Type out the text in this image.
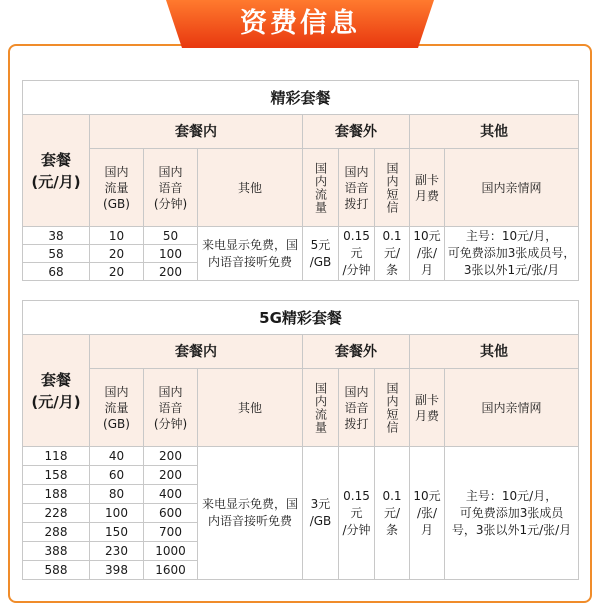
资费信息
精彩套餐								
套餐
(元/月)	套餐内			套餐外			其他	
	国内
流量
(GB)	国内
语音
(分钟)	其他	国内流量	国内
语音
拨打	国内短信	副卡
月费	国内亲情网
38	10	50	来电显示免费，国
内语音接听免费	5元
/GB	0.15
元
/分钟	0.1
元/
条	10元
/张/
月	主号：10元/月，
可免费添加3张成员号，
3张以外1元/张/月
58	20	100						
68	20	200						
5G精彩套餐								
套餐
(元/月)	套餐内			套餐外			其他	
	国内
流量
(GB)	国内
语音
(分钟)	其他	国内流量	国内
语音
拨打	国内短信	副卡
月费	国内亲情网
118	40	200	来电显示免费，国
内语音接听免费	3元
/GB	0.15
元
/分钟	0.1
元/
条	10元
/张/
月	主号：10元/月，
可免费添加3张成员
号，3张以外1元/张/月
158	60	200						
188	80	400						
228	100	600						
288	150	700						
388	230	1000						
588	398	1600						
